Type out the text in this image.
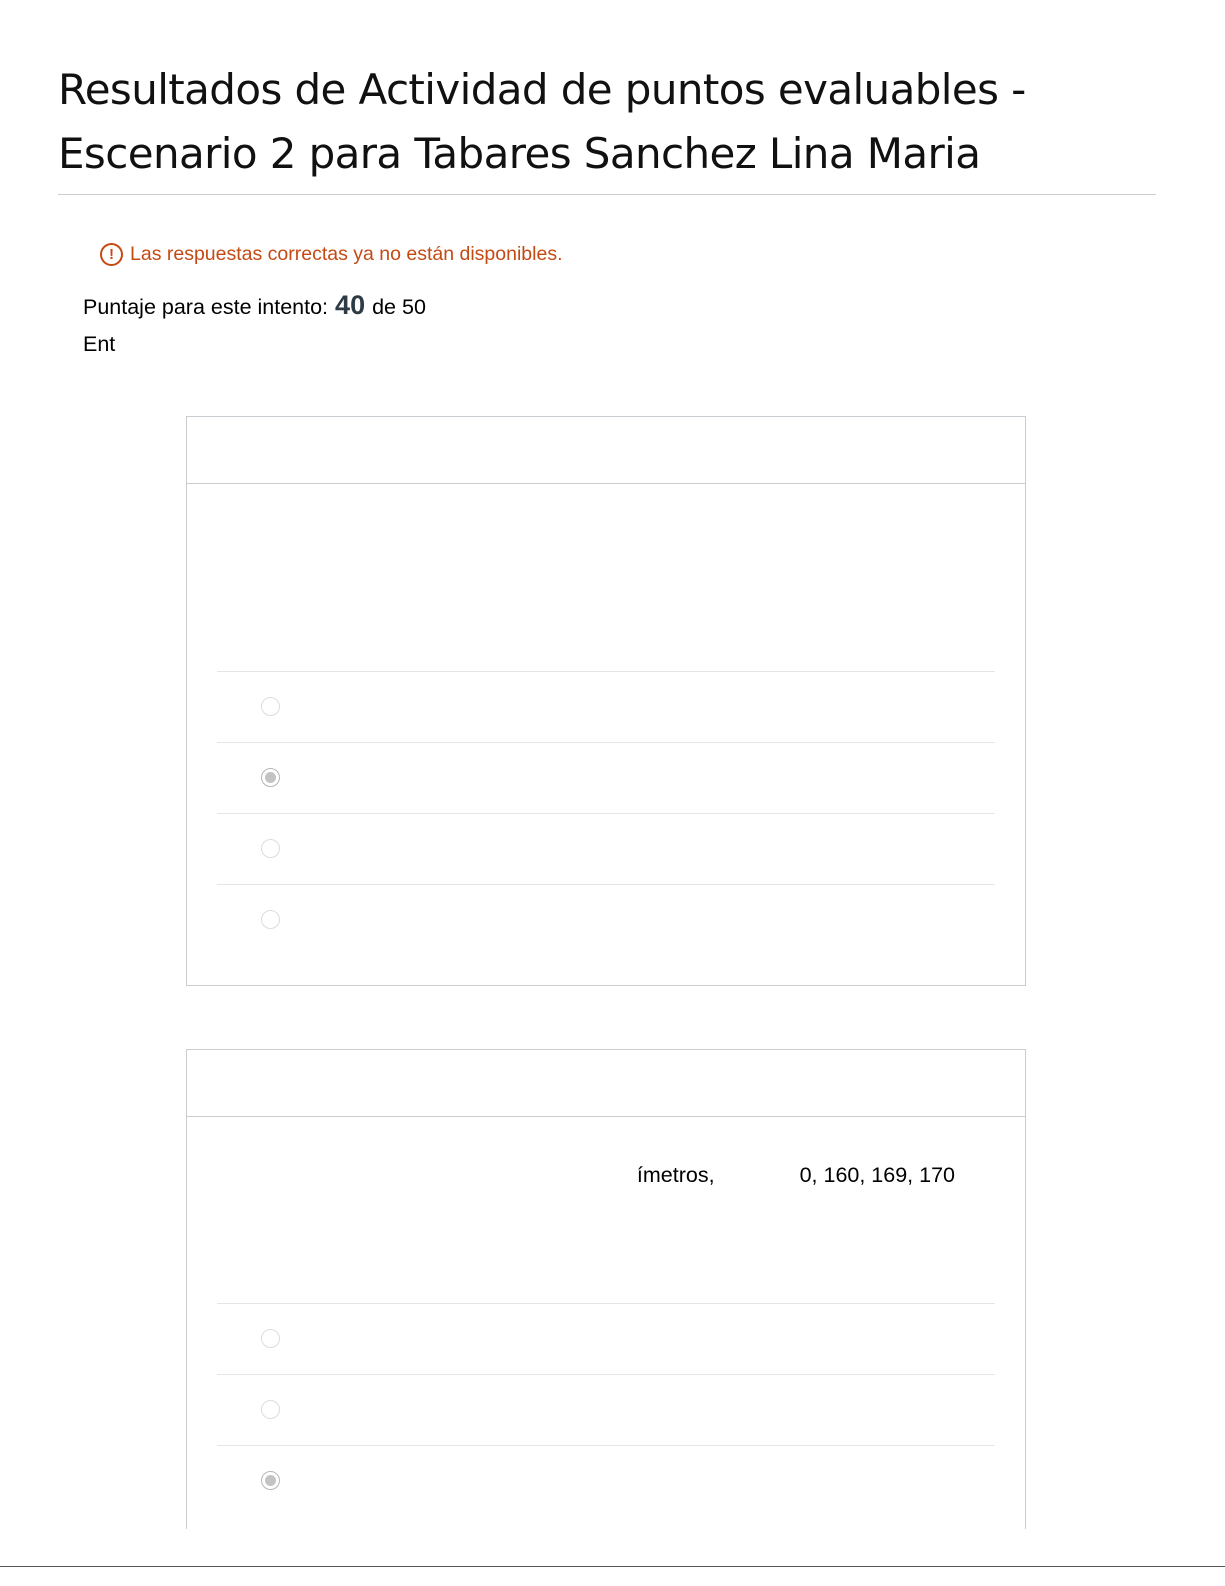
Resultados de Actividad de puntos evaluables - Escenario 2 para Tabares Sanchez Lina Maria
! Las respuestas correctas ya no están disponibles.
Puntaje para este intento: 40 de 50
Ent
ímetros,	0, 160, 169, 170
